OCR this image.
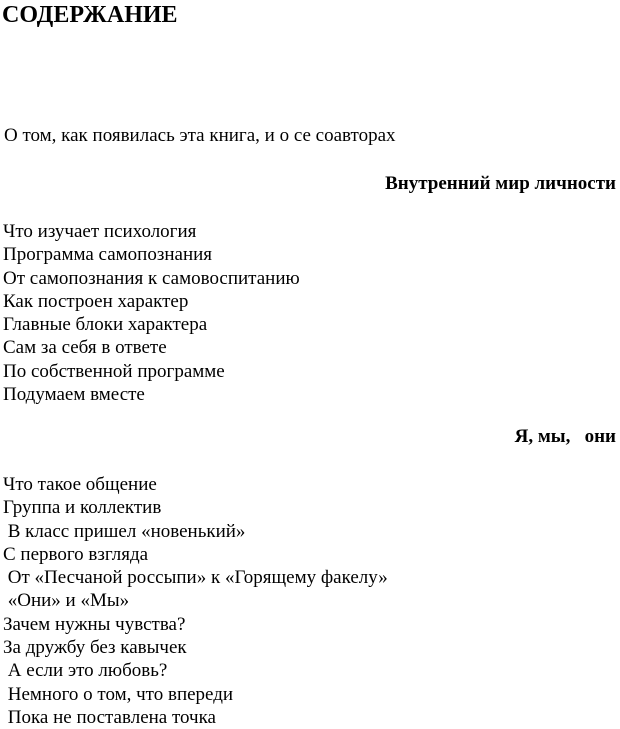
СОДЕРЖАНИЕ
О том, как появилась эта книга, и о се соавторах
Внутренний мир личности
Что изучает психология
Программа самопознания
От самопознания к самовоспитанию
Как построен характер
Главные блоки характера
Сам за себя в ответе
По собственной программе
Подумаем вместе
Я, мы,   они
Что такое общение
Группа и коллектив
В класс пришел «новенький»
С первого взгляда
От «Песчаной россыпи» к «Горящему факелу»
«Они» и «Мы»
Зачем нужны чувства?
За дружбу без кавычек
А если это любовь?
Немного о том, что впереди
Пока не поставлена точка
